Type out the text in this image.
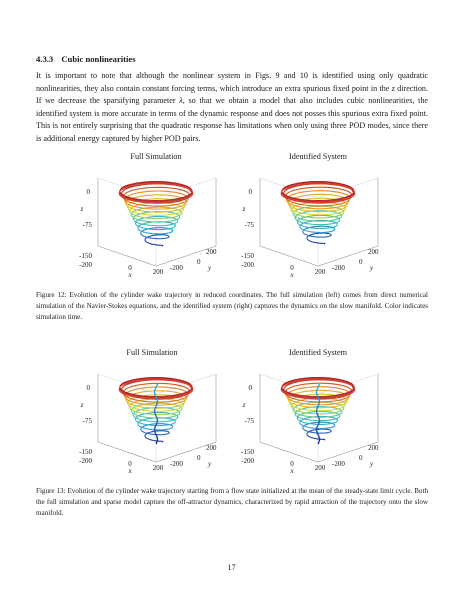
4.3.3 Cubic nonlinearities

It is important to note that although the nonlinear system in Figs. 9 and 10 is identified using only quadratic nonlinearities, they also contain constant forcing terms, which introduce an extra spurious fixed point in the z direction. If we decrease the sparsifying parameter λ, so that we obtain a model that also includes cubic nonlinearities, the identified system is more accurate in terms of the dynamic response and does not posses this spurious extra fixed point. This is not entirely surprising that the quadratic response has limitations when only using three POD modes, since there is additional energy captured by higher POD pairs.

Full Simulation	Identified System
0
z
-75
-150
-200	0
x	200 -200
0
200
y
0
z
-75
-150
-200	0
x	200 -200
0
200
y

Figure 12: Evolution of the cylinder wake trajectory in reduced coordinates. The full simulation (left) comes from direct numerical simulation of the Navier-Stokes equations, and the identified system (right) captures the dynamics on the slow manifold. Color indicates simulation time.

Full Simulation	Identified System
0
z
-75
-150
-200	0
x	200 -200
0
200
y
0
z
-75
-150
-200	0
x	200 -200
0
200
y

Figure 13: Evolution of the cylinder wake trajectory starting from a flow state initialized at the mean of the steady-state limit cycle. Both the full simulation and sparse model capture the off-attractor dynamics, characterized by rapid attraction of the trajectory onto the slow manifold.

17
